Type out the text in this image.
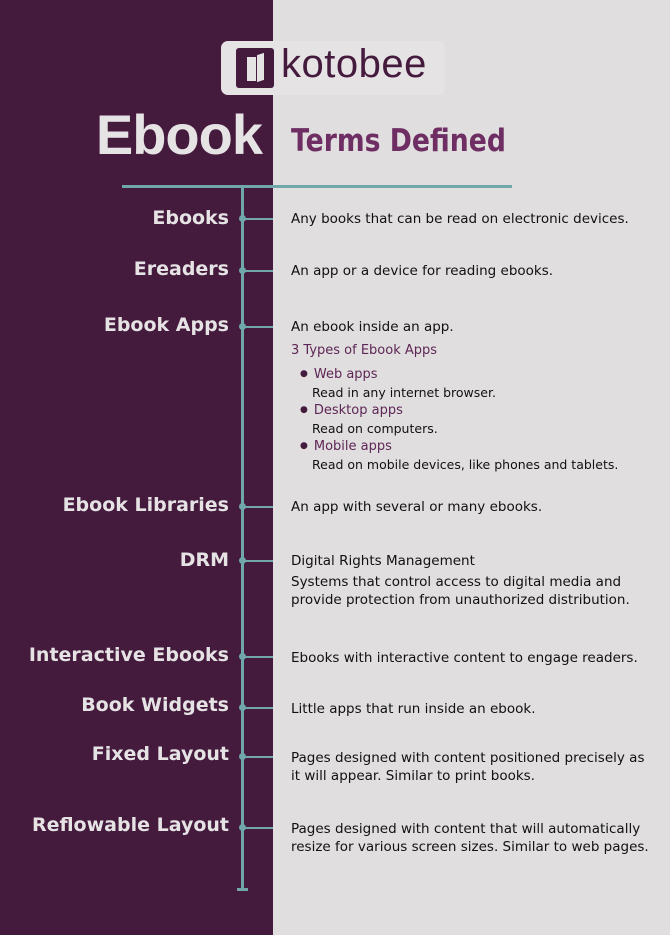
kotobee
Ebook Terms Defined
Ebooks	Any books that can be read on electronic devices.
Ereaders	An app or a device for reading ebooks.
Ebook Apps	An ebook inside an app.
3 Types of Ebook Apps
● Web apps
Read in any internet browser.
● Desktop apps
Read on computers.
● Mobile apps
Read on mobile devices, like phones and tablets.
Ebook Libraries	An app with several or many ebooks.
DRM	Digital Rights Management
Systems that control access to digital media and provide protection from unauthorized distribution.
Interactive Ebooks	Ebooks with interactive content to engage readers.
Book Widgets	Little apps that run inside an ebook.
Fixed Layout	Pages designed with content positioned precisely as it will appear. Similar to print books.
Reflowable Layout	Pages designed with content that will automatically resize for various screen sizes. Similar to web pages.
